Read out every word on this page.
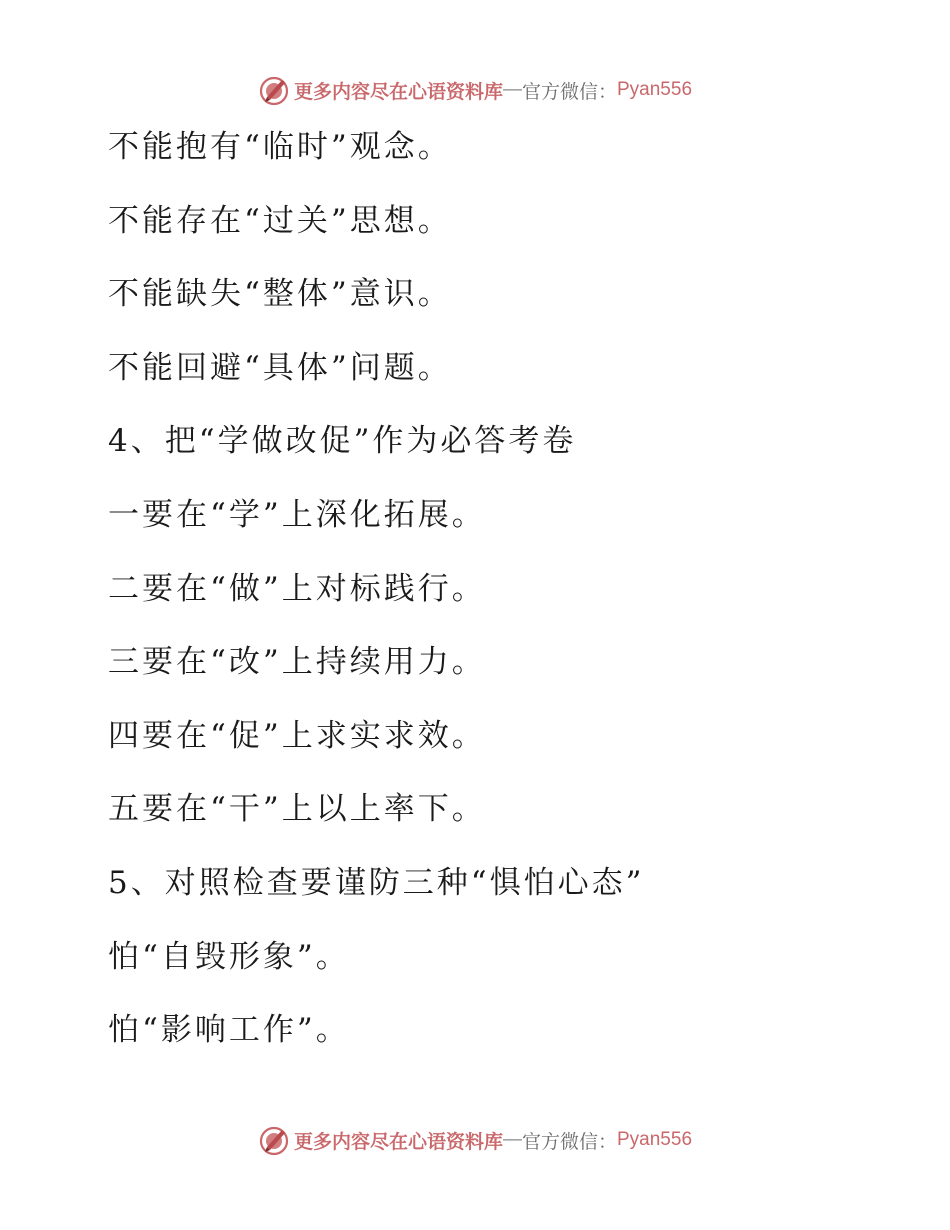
更多内容尽在心语资料库 — 官方微信： Pyan556
不能抱有“临时”观念。
不能存在“过关”思想。
不能缺失“整体”意识。
不能回避“具体”问题。
4、把“学做改促”作为必答考卷
一要在“学”上深化拓展。
二要在“做”上对标践行。
三要在“改”上持续用力。
四要在“促”上求实求效。
五要在“干”上以上率下。
5、对照检查要谨防三种“惧怕心态”
怕“自毁形象”。
怕“影响工作”。
更多内容尽在心语资料库 — 官方微信： Pyan556
